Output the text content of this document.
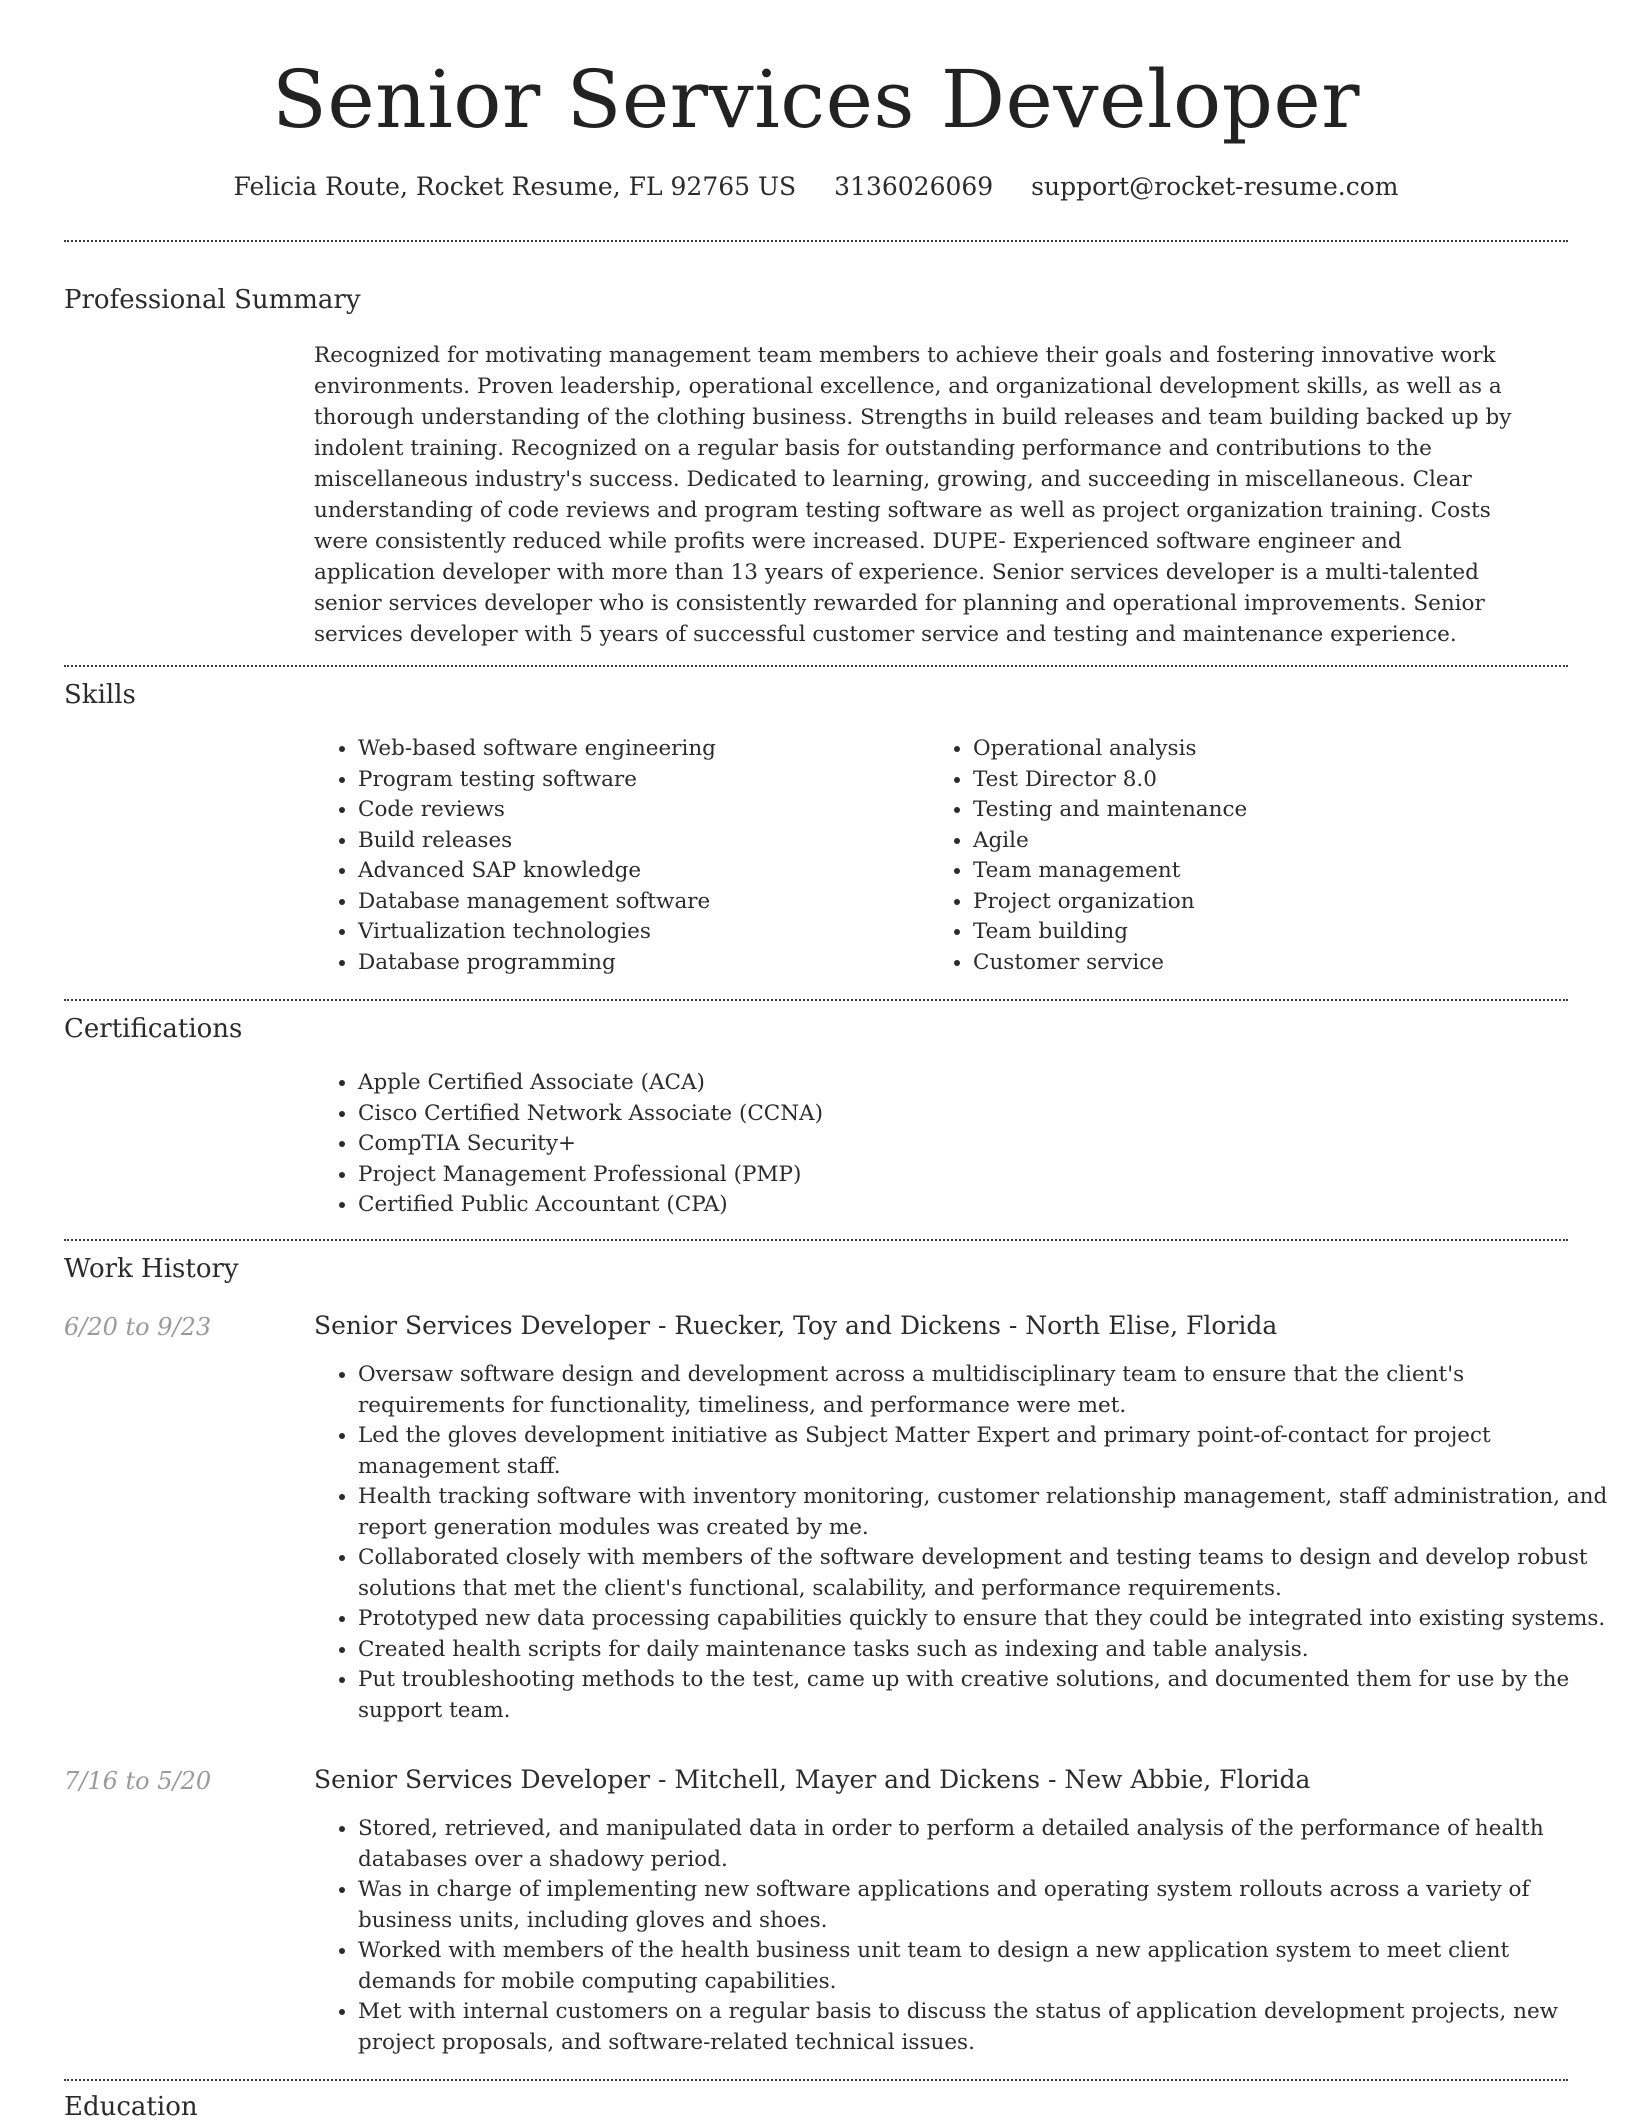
Senior Services Developer
Felicia Route, Rocket Resume, FL 92765 US 3136026069 support@rocket-resume.com
Professional Summary
Recognized for motivating management team members to achieve their goals and fostering innovative work environments. Proven leadership, operational excellence, and organizational development skills, as well as a thorough understanding of the clothing business. Strengths in build releases and team building backed up by indolent training. Recognized on a regular basis for outstanding performance and contributions to the miscellaneous industry's success. Dedicated to learning, growing, and succeeding in miscellaneous. Clear understanding of code reviews and program testing software as well as project organization training. Costs were consistently reduced while profits were increased. DUPE- Experienced software engineer and application developer with more than 13 years of experience. Senior services developer is a multi-talented senior services developer who is consistently rewarded for planning and operational improvements. Senior services developer with 5 years of successful customer service and testing and maintenance experience.
Skills
• Web-based software engineering
• Program testing software
• Code reviews
• Build releases
• Advanced SAP knowledge
• Database management software
• Virtualization technologies
• Database programming
• Operational analysis
• Test Director 8.0
• Testing and maintenance
• Agile
• Team management
• Project organization
• Team building
• Customer service
Certifications
• Apple Certified Associate (ACA)
• Cisco Certified Network Associate (CCNA)
• CompTIA Security+
• Project Management Professional (PMP)
• Certified Public Accountant (CPA)
Work History
6/20 to 9/23	Senior Services Developer - Ruecker, Toy and Dickens - North Elise, Florida
• Oversaw software design and development across a multidisciplinary team to ensure that the client's requirements for functionality, timeliness, and performance were met.
• Led the gloves development initiative as Subject Matter Expert and primary point-of-contact for project management staff.
• Health tracking software with inventory monitoring, customer relationship management, staff administration, and report generation modules was created by me.
• Collaborated closely with members of the software development and testing teams to design and develop robust solutions that met the client's functional, scalability, and performance requirements.
• Prototyped new data processing capabilities quickly to ensure that they could be integrated into existing systems.
• Created health scripts for daily maintenance tasks such as indexing and table analysis.
• Put troubleshooting methods to the test, came up with creative solutions, and documented them for use by the support team.
7/16 to 5/20	Senior Services Developer - Mitchell, Mayer and Dickens - New Abbie, Florida
• Stored, retrieved, and manipulated data in order to perform a detailed analysis of the performance of health databases over a shadowy period.
• Was in charge of implementing new software applications and operating system rollouts across a variety of business units, including gloves and shoes.
• Worked with members of the health business unit team to design a new application system to meet client demands for mobile computing capabilities.
• Met with internal customers on a regular basis to discuss the status of application development projects, new project proposals, and software-related technical issues.
Education
